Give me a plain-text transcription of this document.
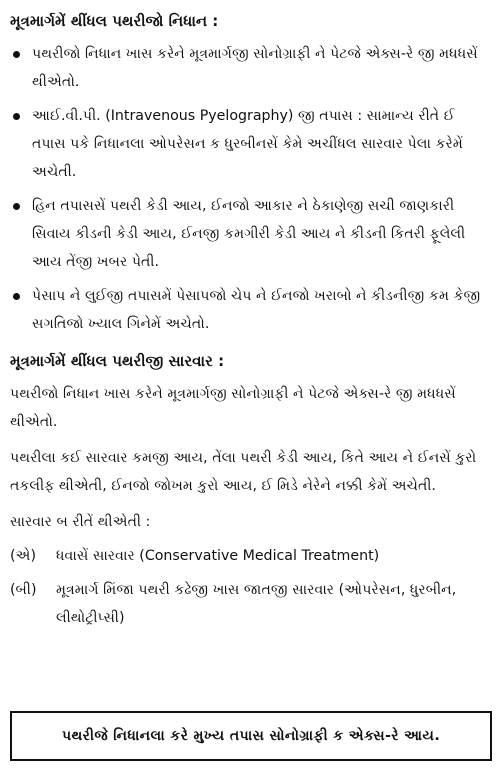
મૂત્રમાર્ગમેં થીંધલ પથરીજો નિધાન :
પથરીજો નિધાન ખાસ કરેને મૂત્રમાર્ગજી સોનોગ્રાફી ને પેટજે એક્સ-રે જી મધધસેં થીએતો.
આઈ.વી.પી. (Intravenous Pyelography) જી તપાસ : સામાન્ય રીતે ઈ તપાસ પકે નિધાનલા ઓપરેસન ક ધુરબીનસેં કેમે અચીંધલ સારવાર પેલા કરેમેં અચેતી.
હિન તપાસસેં પથરી કેડી આય, ઈનજો આકાર ને ઠેકાણેજી સચી જાણકારી સિવાય કીડની કેડી આય, ઈનજી કમગીરી કેડી આય ને કીડની કિતરી ફૂલેલી આય તેંજી ખબર પેતી.
પેસાપ ને લુઈજી તપાસમેં પેસાપજો ચેપ ને ઈનજો ખરાબો ને કીડનીજી કમ કેજી સગતિજો ખ્યાલ ગિનેમેં અચેતો.
મૂત્રમાર્ગમેં થીંધલ પથરીજી સારવાર :

પથરીજો નિધાન ખાસ કરેને મૂત્રમાર્ગજી સોનોગ્રાફી ને પેટજે એક્સ-રે જી મધધસેં થીએતો.

પથરીલા કઈ સારવાર કમજી આય, તેંલા પથરી કેડી આય, કિતે આય ને ઈનસેં કુરો તકલીફ થીએતી, ઈનજો જોખમ કુરો આય, ઈ મિડે નેરેને નક્કી કેમેં અચેતી.

સારવાર બ રીતેં થીએતી :

(એ) ધવાસેં સારવાર (Conservative Medical Treatment)
(બી) મૂત્રમાર્ગ મિંજા પથરી કઢેજી ખાસ જાતજી સારવાર (ઓપરેસન, ધુરબીન, લીથોટ્રીપ્સી)
પથરીજે નિધાનલા કરે મુખ્ય તપાસ સોનોગ્રાફી ક એક્સ-રે આય.
